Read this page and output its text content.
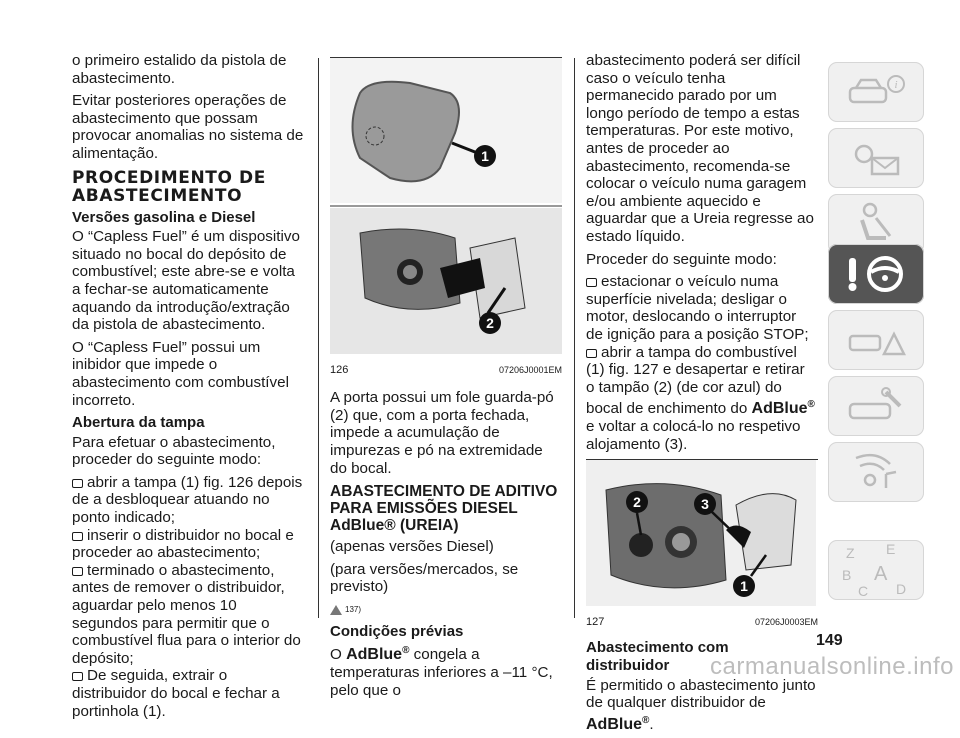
o primeiro estalido da pistola de abastecimento.

Evitar posteriores operações de abastecimento que possam provocar anomalias no sistema de alimentação.

PROCEDIMENTO DE ABASTECIMENTO
Versões gasolina e Diesel

O “Capless Fuel” é um dispositivo situado no bocal do depósito de combustível; este abre-se e volta a fechar-se automaticamente aquando da introdução/extração da pistola de abastecimento.

O “Capless Fuel” possui um inibidor que impede o abastecimento com combustível incorreto.

Abertura da tampa

Para efetuar o abastecimento, proceder do seguinte modo:

abrir a tampa (1) fig. 126 depois de a desbloquear atuando no ponto indicado;

inserir o distribuidor no bocal e proceder ao abastecimento;

terminado o abastecimento, antes de remover o distribuidor, aguardar pelo menos 10 segundos para permitir que o combustível flua para o interior do depósito;

De seguida, extrair o distribuidor do bocal e fechar a portinhola (1).

1
2
126	07206J0001EM

A porta possui um fole guarda-pó (2) que, com a porta fechada, impede a acumulação de impurezas e pó na extremidade do bocal.

ABASTECIMENTO DE ADITIVO PARA EMISSÕES DIESEL AdBlue® (UREIA)

(apenas versões Diesel)

(para versões/mercados, se previsto)

137)

Condições prévias

O AdBlue® congela a temperaturas inferiores a –11 °C, pelo que o

abastecimento poderá ser difícil caso o veículo tenha permanecido parado por um longo período de tempo a estas temperaturas. Por este motivo, antes de proceder ao abastecimento, recomenda-se colocar o veículo numa garagem e/ou ambiente aquecido e aguardar que a Ureia regresse ao estado líquido.

Proceder do seguinte modo:

estacionar o veículo numa superfície nivelada; desligar o motor, deslocando o interruptor de ignição para a posição STOP;

abrir a tampa do combustível (1) fig. 127 e desapertar e retirar o tampão (2) (de cor azul) do bocal de enchimento do AdBlue® e voltar a colocá-lo no respetivo alojamento (3).

2	3
1
127	07206J0003EM
Abastecimento com distribuidor

É permitido o abastecimento junto de qualquer distribuidor de AdBlue®.

i
Z E
B A
C D
149
carmanualsonline.info
